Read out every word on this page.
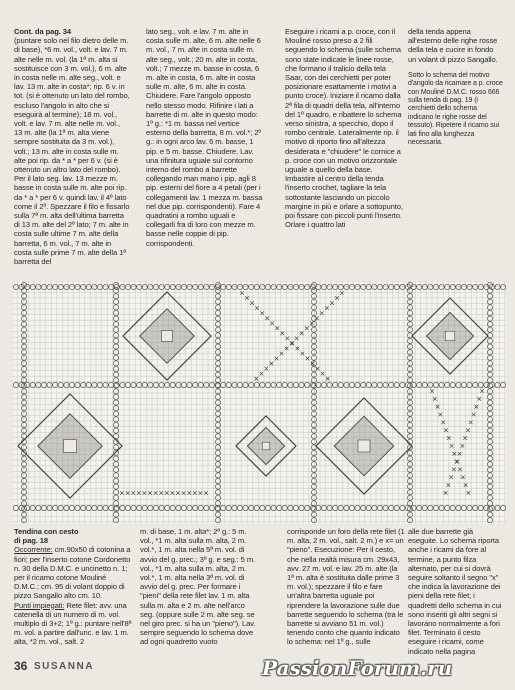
Cont. da pag. 34

(puntare solo nel filo dietro delle m. di base), *6 m. vol., volt. e lav. 7 m. alte nelle m. vol. (la 1ª m. alta si sostituisce con 3 m. vol.), 6 m. alte in costa nelle m. alte seg., volt. e lav. 13 m. alte in costa*; rip. 6 v. in tot. (si è ottenuto un lato del rombo, escluso l'angolo in alto che si eseguirà al termine); 18 m. vol., volt. e lav. 7 m. alte nelle m. vol., 13 m. alte (la 1ª m. alta viene sempre sostituita da 3 m. vol.), volt.; 13 m. alte in costa sulle m. alte poi rip. da * a * per 6 v. (si è ottenuto un altro lato del rombo). Per il lato seg. lav. 13 mezze m. basse in costa sulle m. alte poi rip. da * a * per 6 v. quindi lav. il 4º lato come il 2º. Spezzare il filo e fissarlo sulla 7ª m. alta dell'ultima barretta di 13 m. alte del 2º lato; 7 m. alte in costa sulle ultime 7 m. alte della barretta, 6 m. vol., 7 m. alte in costa sulle prime 7 m. alte della 1ª barretta del

lato seg., volt. e lav. 7 m. alte in costa sulle m. alte, 6 m. alte nelle 6 m. vol., 7 m. alte in costa sulle m. alte seg., volt.; 20 m. alte in costa, volt.; 7 mezze m. basse in costa, 6 m. alte in costa, 6 m. alte in costa sulle m. alte, 6 m. alte in costa. Chiudere. Fare l'angolo opposto nello stesso modo. Rifinire i lati a barrette di m. alte in questo modo: 1º g.: *1 m. bassa nel vertice esterno della barretta, 8 m. vol.*; 2º g.: in ogni arco lav. 6 m. basse, 1 pip. e 5 m. basse. Chiudere. Lav. una rifinitura uguale sul contorno interno del rombo a barrette collegando man mano i pip. agli 8 pip. esterni del fiore a 4 petali (per i collegamenti lav. 1 mezza m. bassa nel due pip. corrispondenti). Fare 4 quadratini a rombo uguali e collegarli fra di loro con mezze m. basse nelle coppie di pip. corrispondenti.

Eseguire i ricami a p. croce, con il Mouliné rosso preso a 2 fili seguendo lo schema (sulle schema sono state indicate le linee rosse, che formano il tralicio della tela Saar, con dei cerchietti per poter posizionare esattamente i motivi a punto croce). Iniziare il ricamo dalla 2ª fila di quadri della tela, all'interno del 1º quadro, e ribattere lo schema verso sinistra, a specchio, dopo il rombo centrale. Lateralmente rip. il motivo di riporto fino all'altezza desiderata e "chiudere" le cornice a p. croce con un motivo orizzontale uguale a quello della base. Imbastire al centro della tenda l'inserto crochet, tagliare la tela sottostante lasciando un piccolo margine in più e orlare a sottopunto, poi fissare con piccoli punti l'inserto. Orlare i quattro lati

della tenda appena all'esterno delle righe rosse della tela e cucire in fondo un volant di pizzo Sangallo.

Sotto lo schema del motivo d'angolo da ricamare a p. croce con Mouliné D.M.C. rosso 666 sulla tenda di pag. 19 (i cerchietti dello schema indicano le righe rosse del tessuto). Ripetere il ricamo sui lati fino alla lunghezza necessaria.

Tendina con cesto

di pag. 18

Occorrente: cm.90x50 di cotonina a fiori; per l'inserto cotone Cordonetto n. 30 della D.M.C. e uncinetto n. 1; per il ricamo cotone Mouliné D.M.C.; cm. 95 di volant doppio di pizzo Sangallo alto cm. 10.

Punti impiegati: Rete filet: avv. una catenella di un numero di m. vol. multiplo di 3+2; 1º g.: puntare nell'8ª m. vol. a partire dall'unc. e lav. 1 m. alta, *2 m. vol., salt. 2

m. di base, 1 m. alta*; 2º g.: 5 m. vol., *1 m. alta sulla m. alta, 2 m. vol.*, 1 m. alta nella 5ª m. vol. di avvio del g. prec.; 3º g. e seg.: 5 m. vol., *1 m. alta sulla m. alta, 2 m. vol.*, 1 m. alta nella 3ª m. vol. di avvio del g. prec. Per formare i "pieni" della rete filet lav. 1 m. alta sulla m. alta e 2 m. alte nell'arco seg. (oppure sulle 2 m. alte seg. se nel giro prec. si ha un "pieno"). Lav. sempre seguendo lo schema dove ad ogni quadretto vuoto

corrisponde un foro della rete filet (1 m. alta, 2 m. vol., salt. 2 m.) e x= un "pieno". Esecuzione: Per il cesto, che nella realtà misura cm. 29x43, avv. 27 m. vol. e lav. 25 m. alte (la 1ª m. alta è sostituita dalle prime 3 m. vol.); spezzare il filo e fare un'altra barretta uguale poi riprendere la lavorazione sulle due barrette seguendo lo schema (tra le barrette si avviano 51 m. vol.) tenendo conto che quanto indicato lo schema: nel 1º g., sulle

alle due barrette già eseguite. Lo schema riporta anche i ricami da fore al termine, a punto filza alternato, per cui si dovrà seguire soltanto il segno "x" che indica la lavorazione dei pieni della rete filet; i quadretti dello schema in cui sono inseriti gli altri segni si lavorano normalmente a fori filet. Terminato il cesto eseguire i ricami, come indicato nella pagina

36 SUSANNA	PassionForum.ru
